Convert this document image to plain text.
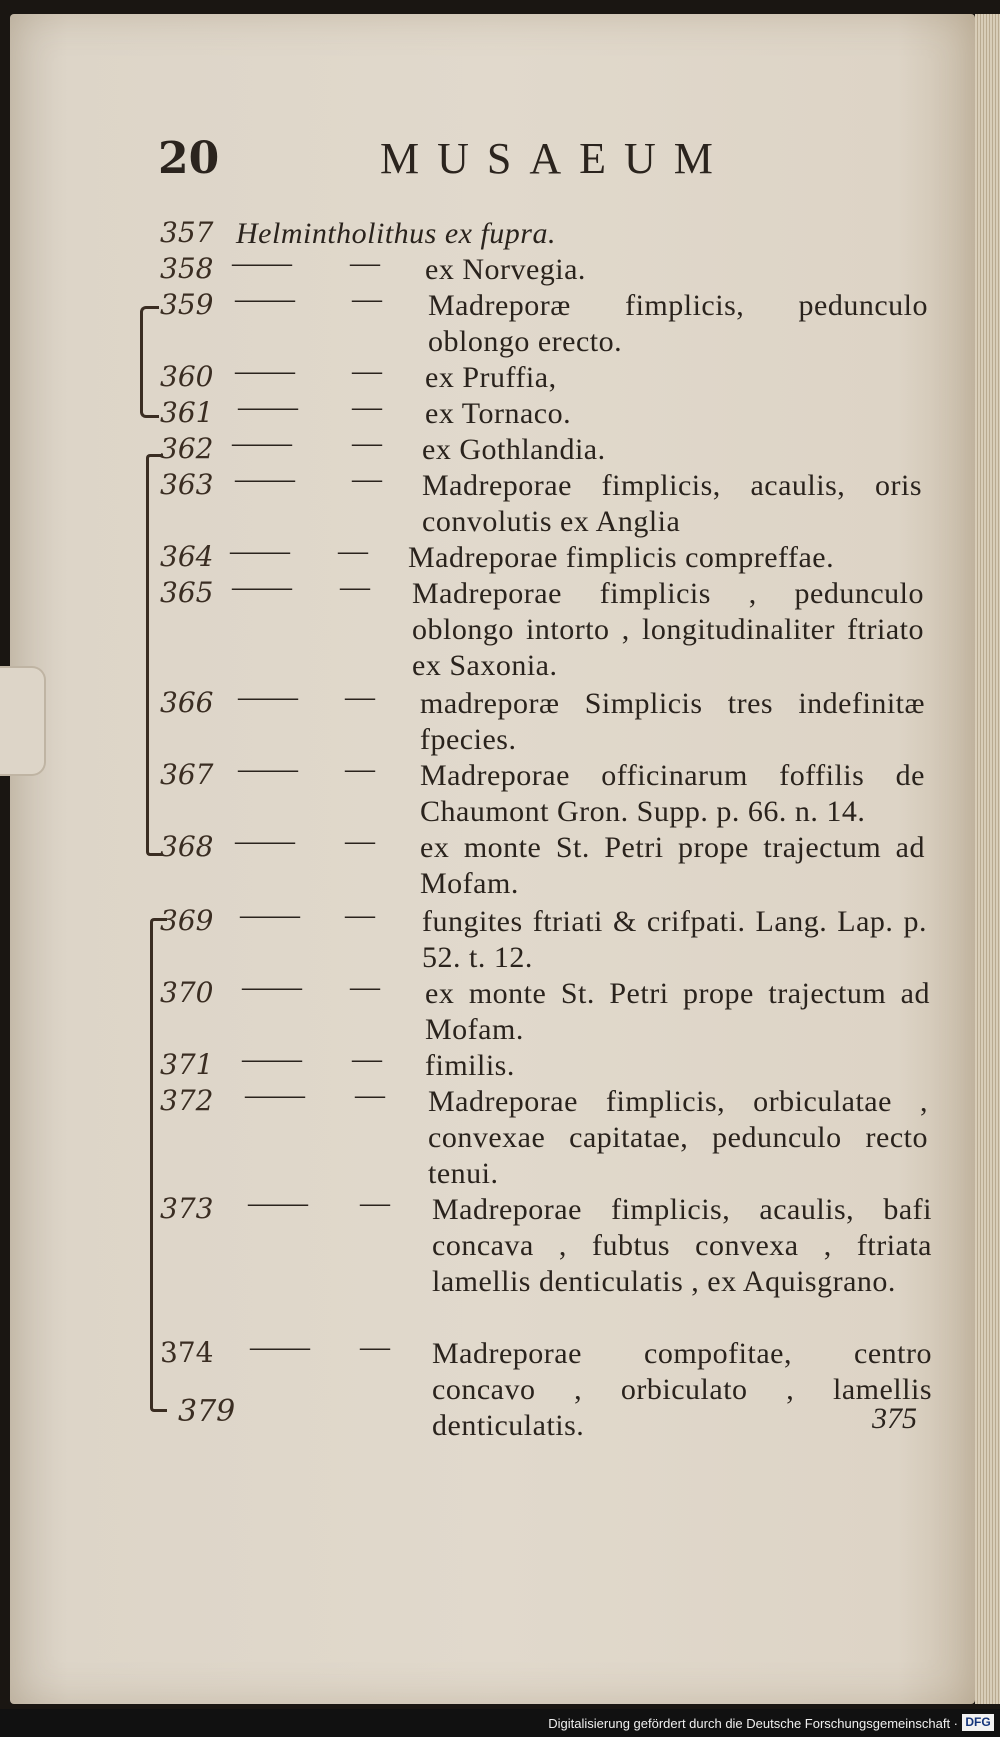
20	MUSAEUM
357 Helmintholithus ex fupra.
358 —— — ex Norvegia.
359 —— — Madreporæ fimplicis, pedunculo oblongo erecto.
360 —— — ex Pruffia,
361 —— — ex Tornaco.
362 —— — ex Gothlandia.
363 —— — Madreporae fimplicis, acaulis, oris convolutis ex Anglia
364 —— — Madreporae fimplicis compreffae.
365 —— — Madreporae fimplicis , pedunculo oblongo intorto , longitudinaliter ftriato ex Saxonia.
366 —— — madreporæ Simplicis tres indefinitæ fpecies.
367 —— — Madreporae officinarum foffilis de Chaumont Gron. Supp. p. 66. n. 14.
368 —— — ex monte St. Petri prope trajectum ad Mofam.
369 —— — fungites ftriati & crifpati. Lang. Lap. p. 52. t. 12.
370 —— — ex monte St. Petri prope trajectum ad Mofam.
371 —— — fimilis.
372	—— — Madreporae fimplicis, orbiculatae , convexae capitatae, pedunculo recto tenui.
373	—— — Madreporae fimplicis, acaulis, bafi concava , fubtus convexa , ftriata lamellis denticulatis , ex Aquisgrano.
374	—— — Madreporae compofitae, centro concavo , orbiculato , lamellis denticulatis.
379	375
Digitalisierung gefördert durch die Deutsche Forschungsgemeinschaft · DFG
